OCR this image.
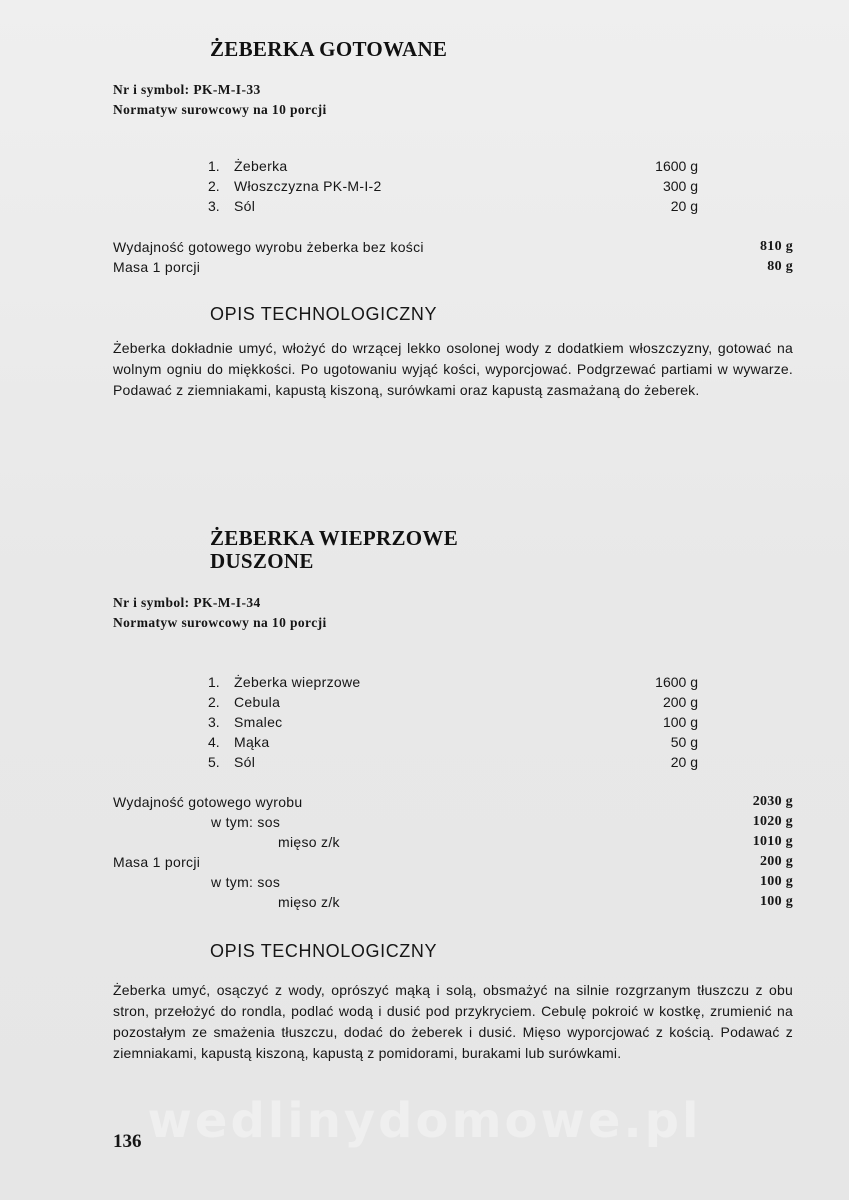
ŻEBERKA GOTOWANE
Nr i symbol: PK-M-I-33
Normatyw surowcowy na 10 porcji
1. Żeberka	1600 g
2. Włoszczyzna PK-M-I-2	300 g
3. Sól	20 g
Wydajność gotowego wyrobu żeberka bez kości	810 g
Masa 1 porcji	80 g
OPIS TECHNOLOGICZNY

Żeberka dokładnie umyć, włożyć do wrzącej lekko osolonej wody z dodatkiem włoszczyzny, gotować na wolnym ogniu do miękkości. Po ugotowaniu wyjąć kości, wyporcjować. Podgrzewać partiami w wywarze. Podawać z ziemniakami, kapustą kiszoną, surówkami oraz kapustą zasmażaną do żeberek.

ŻEBERKA WIEPRZOWE
DUSZONE
Nr i symbol: PK-M-I-34
Normatyw surowcowy na 10 porcji
1. Żeberka wieprzowe	1600 g
2. Cebula	200 g
3. Smalec	100 g
4. Mąka	50 g
5. Sól	20 g
Wydajność gotowego wyrobu	2030 g
w tym: sos	1020 g
mięso z/k	1010 g
Masa 1 porcji	200 g
w tym: sos	100 g
mięso z/k	100 g
OPIS TECHNOLOGICZNY

Żeberka umyć, osączyć z wody, oprószyć mąką i solą, obsmażyć na silnie rozgrzanym tłuszczu z obu stron, przełożyć do rondla, podlać wodą i dusić pod przykryciem. Cebulę pokroić w kostkę, zrumienić na pozostałym ze smażenia tłuszczu, dodać do żeberek i dusić. Mięso wyporcjować z kością. Podawać z ziemniakami, kapustą kiszoną, kapustą z pomidorami, burakami lub surówkami.

wedlinydomowe.pl
136
